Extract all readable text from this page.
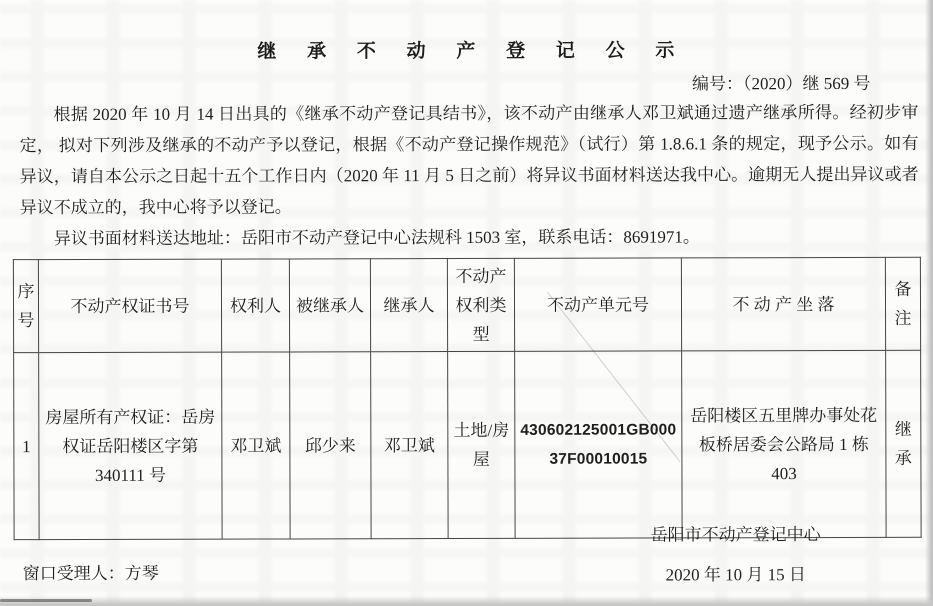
继 承 不 动 产 登 记 公 示
编号：（2020）继 569 号

根据 2020 年 10 月 14 日出具的《继承不动产登记具结书》，该不动产由继承人邓卫斌通过遗产继承所得。经初步审定， 拟对下列涉及继承的不动产予以登记，根据《不动产登记操作规范》（试行）第 1.8.6.1 条的规定，现予公示。如有异议，请自本公示之日起十五个工作日内（2020 年 11 月 5 日之前）将异议书面材料送达我中心。逾期无人提出异议或者异议不成立的，我中心将予以登记。

异议书面材料送达地址：岳阳市不动产登记中心法规科 1503 室，联系电话：8691971。

序号	不动产权证书号	权利人	被继承人	继承人	不动产权利类型	不动产单元号	不 动 产 坐 落	备注
1	房屋所有产权证：岳房权证岳阳楼区字第 340111 号	邓卫斌	邱少来	邓卫斌	土地/房屋	430602125001GB00037F00010015	岳阳楼区五里牌办事处花板桥居委会公路局 1 栋 403	继承
岳阳市不动产登记中心
2020 年 10 月 15 日
窗口受理人：方琴
